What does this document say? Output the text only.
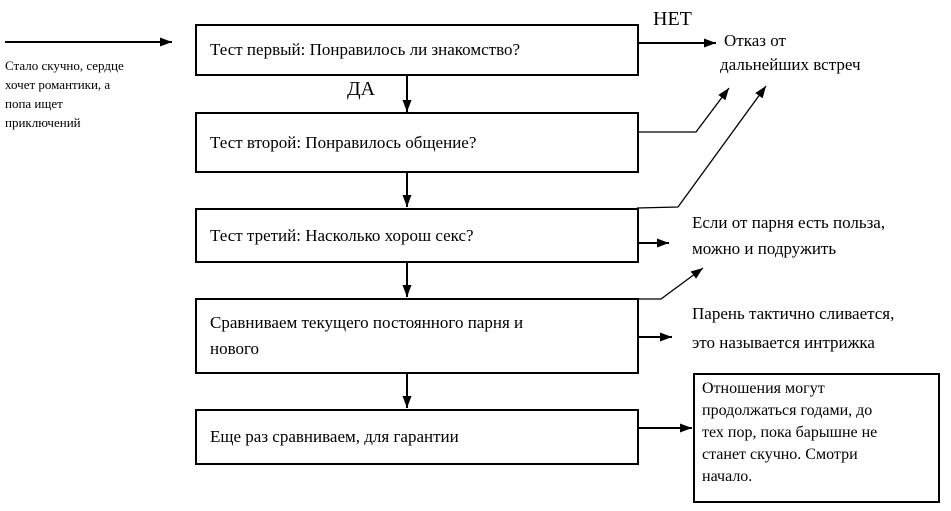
Стало скучно, сердце
хочет романтики, а
попа ищет
приключений
НЕТ
ДА
Тест первый: Понравилось ли знакомство?
Тест второй: Понравилось общение?
Тест третий: Насколько хорош секс?
Сравниваем текущего постоянного парня и
нового
Еще раз сравниваем, для гарантии
Отказ от
дальнейших встреч
Если от парня есть польза,
можно и подружить
Парень тактично сливается,
это называется интрижка
Отношения могут
продолжаться годами, до
тех пор, пока барышне не
станет скучно. Смотри
начало.
